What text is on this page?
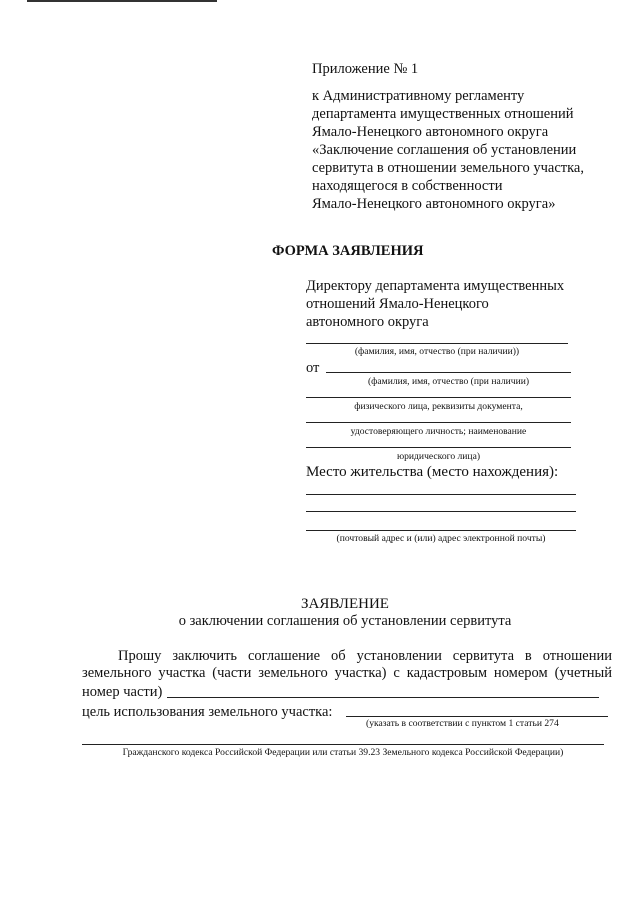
Приложение № 1
к Административному регламенту
департамента имущественных отношений
Ямало-Ненецкого автономного округа
«Заключение соглашения об установлении
сервитута в отношении земельного участка,
находящегося в собственности
Ямало-Ненецкого автономного округа»
ФОРМА ЗАЯВЛЕНИЯ
Директору департамента имущественных
отношений Ямало-Ненецкого
автономного округа
(фамилия, имя, отчество (при наличии))
от
(фамилия, имя, отчество (при наличии)
физического лица, реквизиты документа,
удостоверяющего личность; наименование
юридического лица)
Место жительства (место нахождения):
(почтовый адрес и (или) адрес электронной почты)
ЗАЯВЛЕНИЕ
о заключении соглашения об установлении сервитута
Прошу заключить соглашение об установлении сервитута в отношении
земельного участка (части земельного участка) с кадастровым номером (учетный
номер части)
цель использования земельного участка:
(указать в соответствии с пунктом 1 статьи 274
Гражданского кодекса Российской Федерации или статьи 39.23 Земельного кодекса Российской Федерации)
